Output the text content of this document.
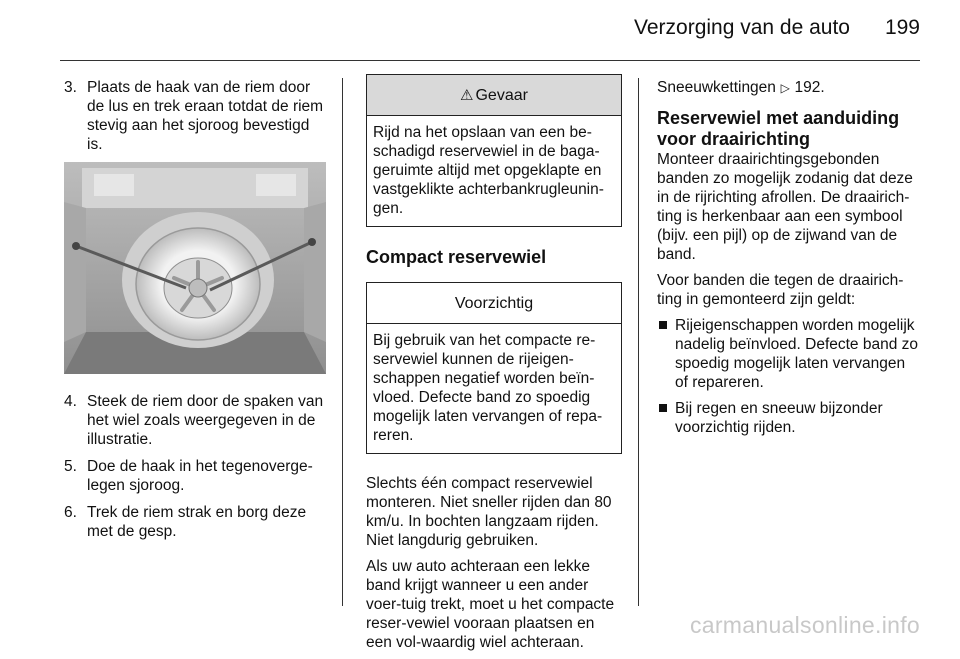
Verzorging van de auto 199
3. Plaats de haak van de riem door de lus en trek eraan totdat de riem stevig aan het sjoroog bevestigd is.
4. Steek de riem door de spaken van het wiel zoals weergegeven in de illustratie.
5. Doe de haak in het tegenoverge-legen sjoroog.
6. Trek de riem strak en borg deze met de gesp.
⚠ Gevaar
Rijd na het opslaan van een be-schadigd reservewiel in de baga-geruimte altijd met opgeklapte en vastgeklikte achterbankrugleunin-gen.
Compact reservewiel
Voorzichtig
Bij gebruik van het compacte re-servewiel kunnen de rijeigen-schappen negatief worden beïn-vloed. Defecte band zo spoedig mogelijk laten vervangen of repa-reren.

Slechts één compact reservewiel monteren. Niet sneller rijden dan 80 km/u. In bochten langzaam rijden. Niet langdurig gebruiken.

Als uw auto achteraan een lekke band krijgt wanneer u een ander voer-tuig trekt, moet u het compacte reser-vewiel vooraan plaatsen en een vol-waardig wiel achteraan.

Sneeuwkettingen ▷ 192.

Reservewiel met aanduiding voor draairichting

Monteer draairichtingsgebonden banden zo mogelijk zodanig dat deze in de rijrichting afrollen. De draairich-ting is herkenbaar aan een symbool (bijv. een pijl) op de zijwand van de band.

Voor banden die tegen de draairich-ting in gemonteerd zijn geldt:

Rijeigenschappen worden mogelijk nadelig beïnvloed. Defecte band zo spoedig mogelijk laten vervangen of repareren.
Bij regen en sneeuw bijzonder voorzichtig rijden.
carmanualsonline.info
